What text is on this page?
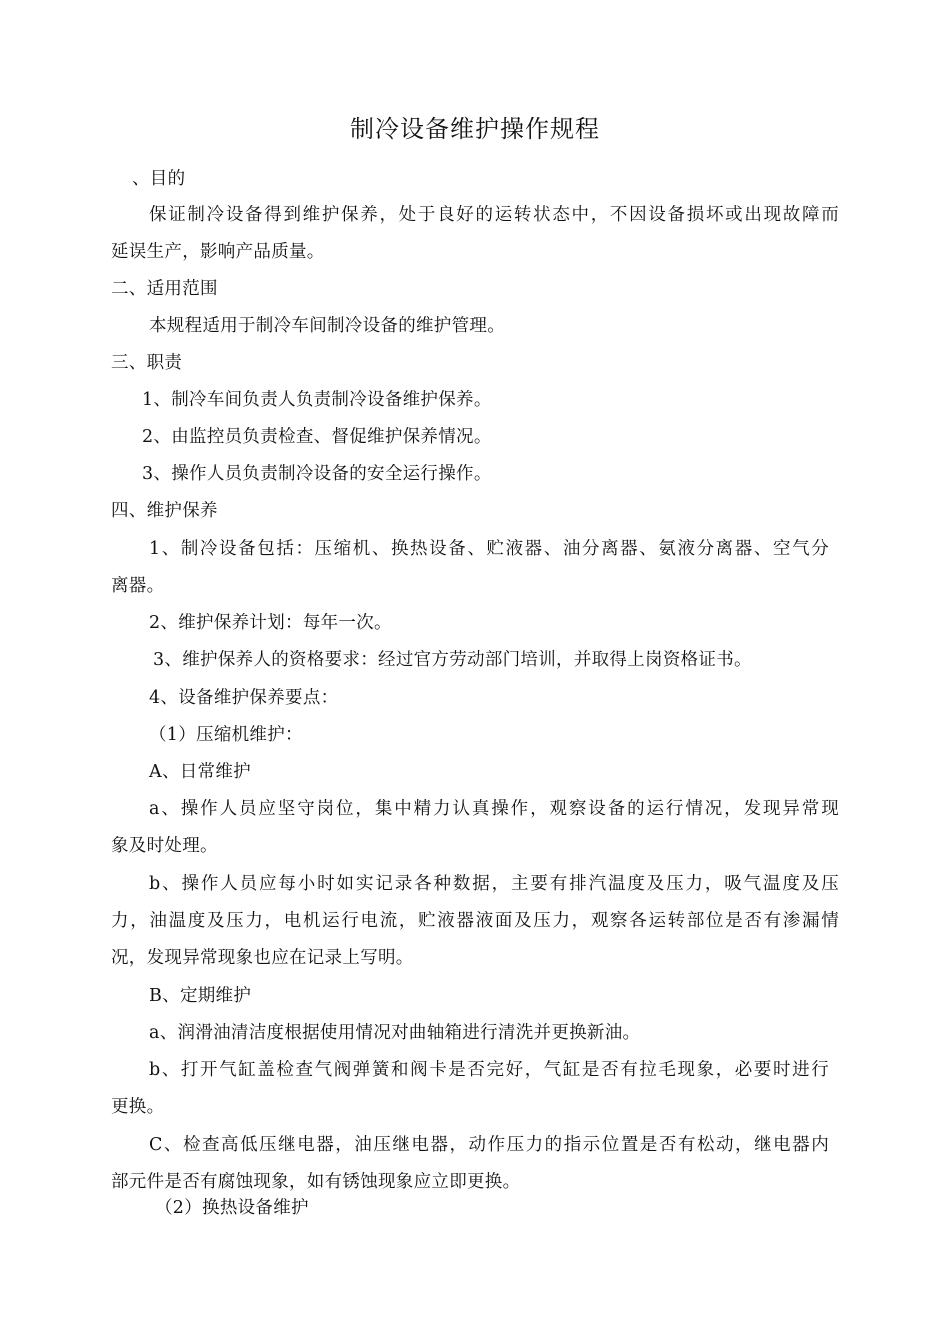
制冷设备维护操作规程
、目的
保证制冷设备得到维护保养，处于良好的运转状态中，不因设备损坏或出现故障而
延误生产，影响产品质量。
二、适用范围
本规程适用于制冷车间制冷设备的维护管理。
三、职责
1、制冷车间负责人负责制冷设备维护保养。
2、由监控员负责检查、督促维护保养情况。
3、操作人员负责制冷设备的安全运行操作。
四、维护保养
1、制冷设备包括：压缩机、换热设备、贮液器、油分离器、氨液分离器、空气分
离器。
2、维护保养计划：每年一次。
3、维护保养人的资格要求：经过官方劳动部门培训，并取得上岗资格证书。
4、设备维护保养要点：
（1）压缩机维护：
A、日常维护
a、操作人员应坚守岗位，集中精力认真操作，观察设备的运行情况，发现异常现
象及时处理。
b、操作人员应每小时如实记录各种数据，主要有排汽温度及压力，吸气温度及压
力，油温度及压力，电机运行电流，贮液器液面及压力，观察各运转部位是否有渗漏情
况，发现异常现象也应在记录上写明。
B、定期维护
a、润滑油清洁度根据使用情况对曲轴箱进行清洗并更换新油。
b、打开气缸盖检查气阀弹簧和阀卡是否完好，气缸是否有拉毛现象，必要时进行
更换。
C、检查高低压继电器，油压继电器，动作压力的指示位置是否有松动，继电器内
部元件是否有腐蚀现象，如有锈蚀现象应立即更换。
（2）换热设备维护
